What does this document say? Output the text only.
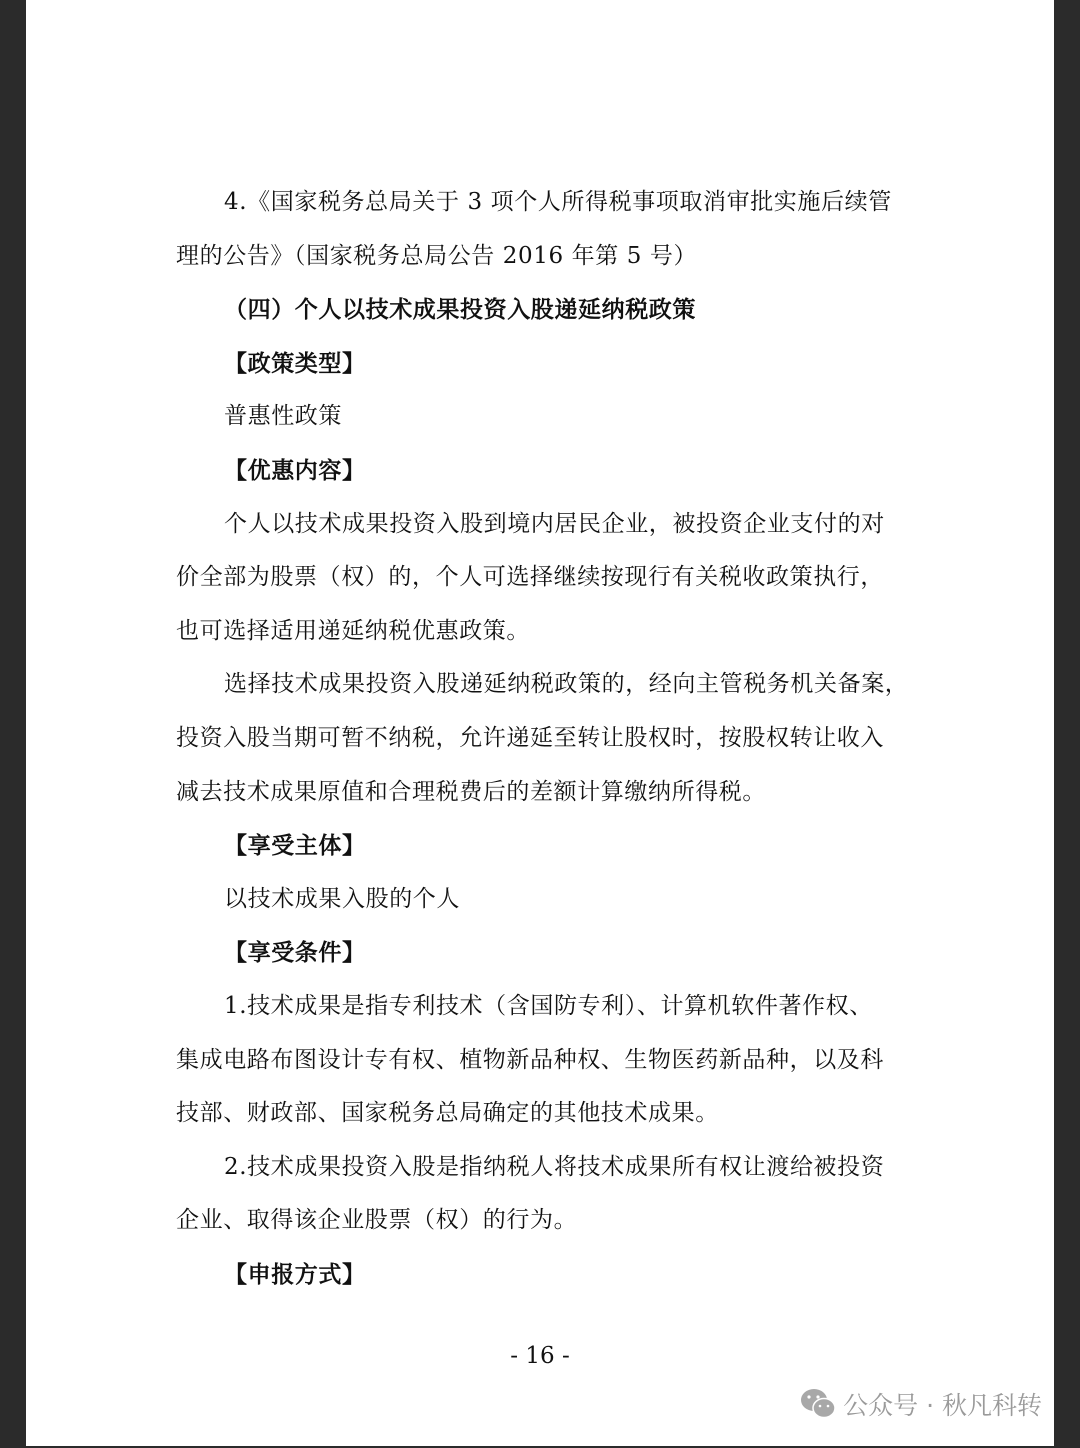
4.《国家税务总局关于 3 项个人所得税事项取消审批实施后续管
理的公告》（国家税务总局公告 2016 年第 5 号）
（四）个人以技术成果投资入股递延纳税政策
【政策类型】
普惠性政策
【优惠内容】
个人以技术成果投资入股到境内居民企业，被投资企业支付的对
价全部为股票（权）的，个人可选择继续按现行有关税收政策执行，
也可选择适用递延纳税优惠政策。
选择技术成果投资入股递延纳税政策的，经向主管税务机关备案，
投资入股当期可暂不纳税，允许递延至转让股权时，按股权转让收入
减去技术成果原值和合理税费后的差额计算缴纳所得税。
【享受主体】
以技术成果入股的个人
【享受条件】
1.技术成果是指专利技术（含国防专利）、计算机软件著作权、
集成电路布图设计专有权、植物新品种权、生物医药新品种，以及科
技部、财政部、国家税务总局确定的其他技术成果。
2.技术成果投资入股是指纳税人将技术成果所有权让渡给被投资
企业、取得该企业股票（权）的行为。
【申报方式】
- 16 -
公众号 · 秋凡科转
